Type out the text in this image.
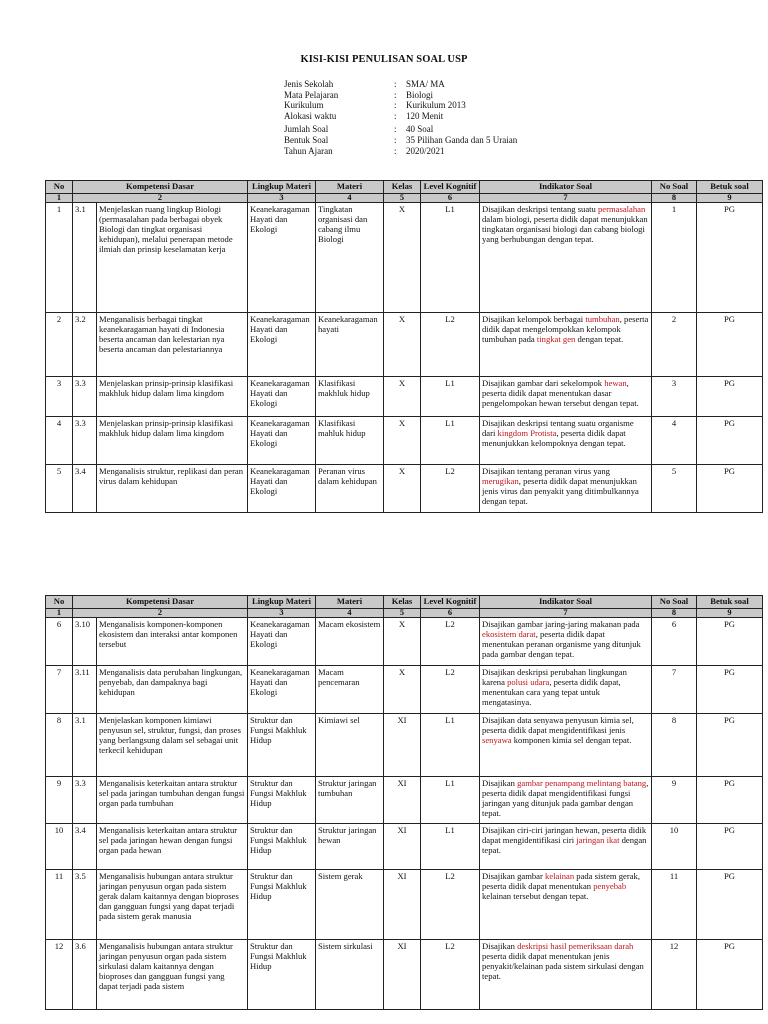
KISI-KISI PENULISAN SOAL USP
Jenis Sekolah	:	SMA/ MA
Mata Pelajaran	:	Biologi
Kurikulum	:	Kurikulum 2013
Alokasi waktu	:	120 Menit
Jumlah Soal	:	40 Soal
Bentuk Soal	:	35 Pilihan Ganda dan 5 Uraian
Tahun Ajaran	:	2020/2021
No	Kompetensi Dasar		Lingkup Materi	Materi	Kelas	Level Kognitif	Indikator Soal	No Soal	Betuk soal
1	2		3	4	5	6	7	8	9
1	3.1	Menjelaskan ruang lingkup Biologi (permasalahan pada berbagai obyek Biologi dan tingkat organisasi kehidupan), melalui penerapan metode ilmiah dan prinsip keselamatan kerja	Keanekaragaman Hayati dan Ekologi	Tingkatan organisasi dan cabang ilmu Biologi	X	L1	Disajikan deskripsi tentang suatu permasalahan dalam biologi, peserta didik dapat menunjukkan tingkatan organisasi biologi dan cabang biologi yang berhubungan dengan tepat.	1	PG
2	3.2	Menganalisis berbagai tingkat keanekaragaman hayati di Indonesia beserta ancaman dan kelestarian nya beserta ancaman dan pelestariannya	Keanekaragaman Hayati dan Ekologi	Keanekaragaman hayati	X	L2	Disajikan kelompok berbagai tumbuhan, peserta didik dapat mengelompokkan kelompok tumbuhan pada tingkat gen dengan tepat.	2	PG
3	3.3	Menjelaskan prinsip-prinsip klasifikasi makhluk hidup dalam lima kingdom	Keanekaragaman Hayati dan Ekologi	Klasifikasi makhluk hidup	X	L1	Disajikan gambar dari sekelompok hewan, peserta didik dapat menentukan dasar pengelompokan hewan tersebut dengan tepat.	3	PG
4	3.3	Menjelaskan prinsip-prinsip klasifikasi makhluk hidup dalam lima kingdom	Keanekaragaman Hayati dan Ekologi	Klasifikasi mahluk hidup	X	L1	Disajikan deskripsi tentang suatu organisme dari kingdom Protista, peserta didik dapat menunjukkan kelompoknya dengan tepat.	4	PG
5	3.4	Menganalisis struktur, replikasi dan peran virus dalam kehidupan	Keanekaragaman Hayati dan Ekologi	Peranan virus dalam kehidupan	X	L2	Disajikan tentang peranan virus yang merugikan, peserta didik dapat menunjukkan jenis virus dan penyakit yang ditimbulkannya dengan tepat.	5	PG
No	Kompetensi Dasar		Lingkup Materi	Materi	Kelas	Level Kognitif	Indikator Soal	No Soal	Betuk soal
1	2		3	4	5	6	7	8	9
6	3.10	Menganalisis komponen-komponen ekosistem dan interaksi antar komponen tersebut	Keanekaragaman Hayati dan Ekologi	Macam ekosistem	X	L2	Disajikan gambar jaring-jaring makanan pada ekosistem darat, peserta didik dapat menentukan peranan organisme yang ditunjuk pada gambar dengan tepat.	6	PG
7	3.11	Menganalisis data perubahan lingkungan, penyebab, dan dampaknya bagi kehidupan	Keanekaragaman Hayati dan Ekologi	Macam pencemaran	X	L2	Disajikan deskripsi perubahan lingkungan karena polusi udara, peserta didik dapat, menentukan cara yang tepat untuk mengatasinya.	7	PG
8	3.1	Menjelaskan komponen kimiawi penyusun sel, struktur, fungsi, dan proses yang berlangsung dalam sel sebagai unit terkecil kehidupan	Struktur dan Fungsi Makhluk Hidup	Kimiawi sel	XI	L1	Disajikan data senyawa penyusun kimia sel, peserta didik dapat mengidentifikasi jenis senyawa komponen kimia sel dengan tepat.	8	PG
9	3.3	Menganalisis keterkaitan antara struktur sel pada jaringan tumbuhan dengan fungsi organ pada tumbuhan	Struktur dan Fungsi Makhluk Hidup	Struktur jaringan tumbuhan	XI	L1	Disajikan gambar penampang melintang batang, peserta didik dapat mengidentifikasi fungsi jaringan yang ditunjuk pada gambar dengan tepat.	9	PG
10	3.4	Menganalisis keterkaitan antara struktur sel pada jaringan hewan dengan fungsi organ pada hewan	Struktur dan Fungsi Makhluk Hidup	Struktur jaringan hewan	XI	L1	Disajikan ciri-ciri jaringan hewan, peserta didik dapat mengidentifikasi ciri jaringan ikat dengan tepat.	10	PG
11	3.5	Menganalisis hubungan antara struktur jaringan penyusun organ pada sistem gerak dalam kaitannya dengan bioproses dan gangguan fungsi yang dapat terjadi pada sistem gerak manusia	Struktur dan Fungsi Makhluk Hidup	Sistem gerak	XI	L2	Disajikan gambar kelainan pada sistem gerak, peserta didik dapat menentukan penyebab kelainan tersebut dengan tepat.	11	PG
12	3.6	Menganalisis hubungan antara struktur jaringan penyusun organ pada sistem sirkulasi dalam kaitannya dengan bioproses dan gangguan fungsi yang dapat terjadi pada sistem	Struktur dan Fungsi Makhluk Hidup	Sistem sirkulasi	XI	L2	Disajikan deskripsi hasil pemeriksaan darah peserta didik dapat menentukan jenis penyakit/kelainan pada sistem sirkulasi dengan tepat.	12	PG
